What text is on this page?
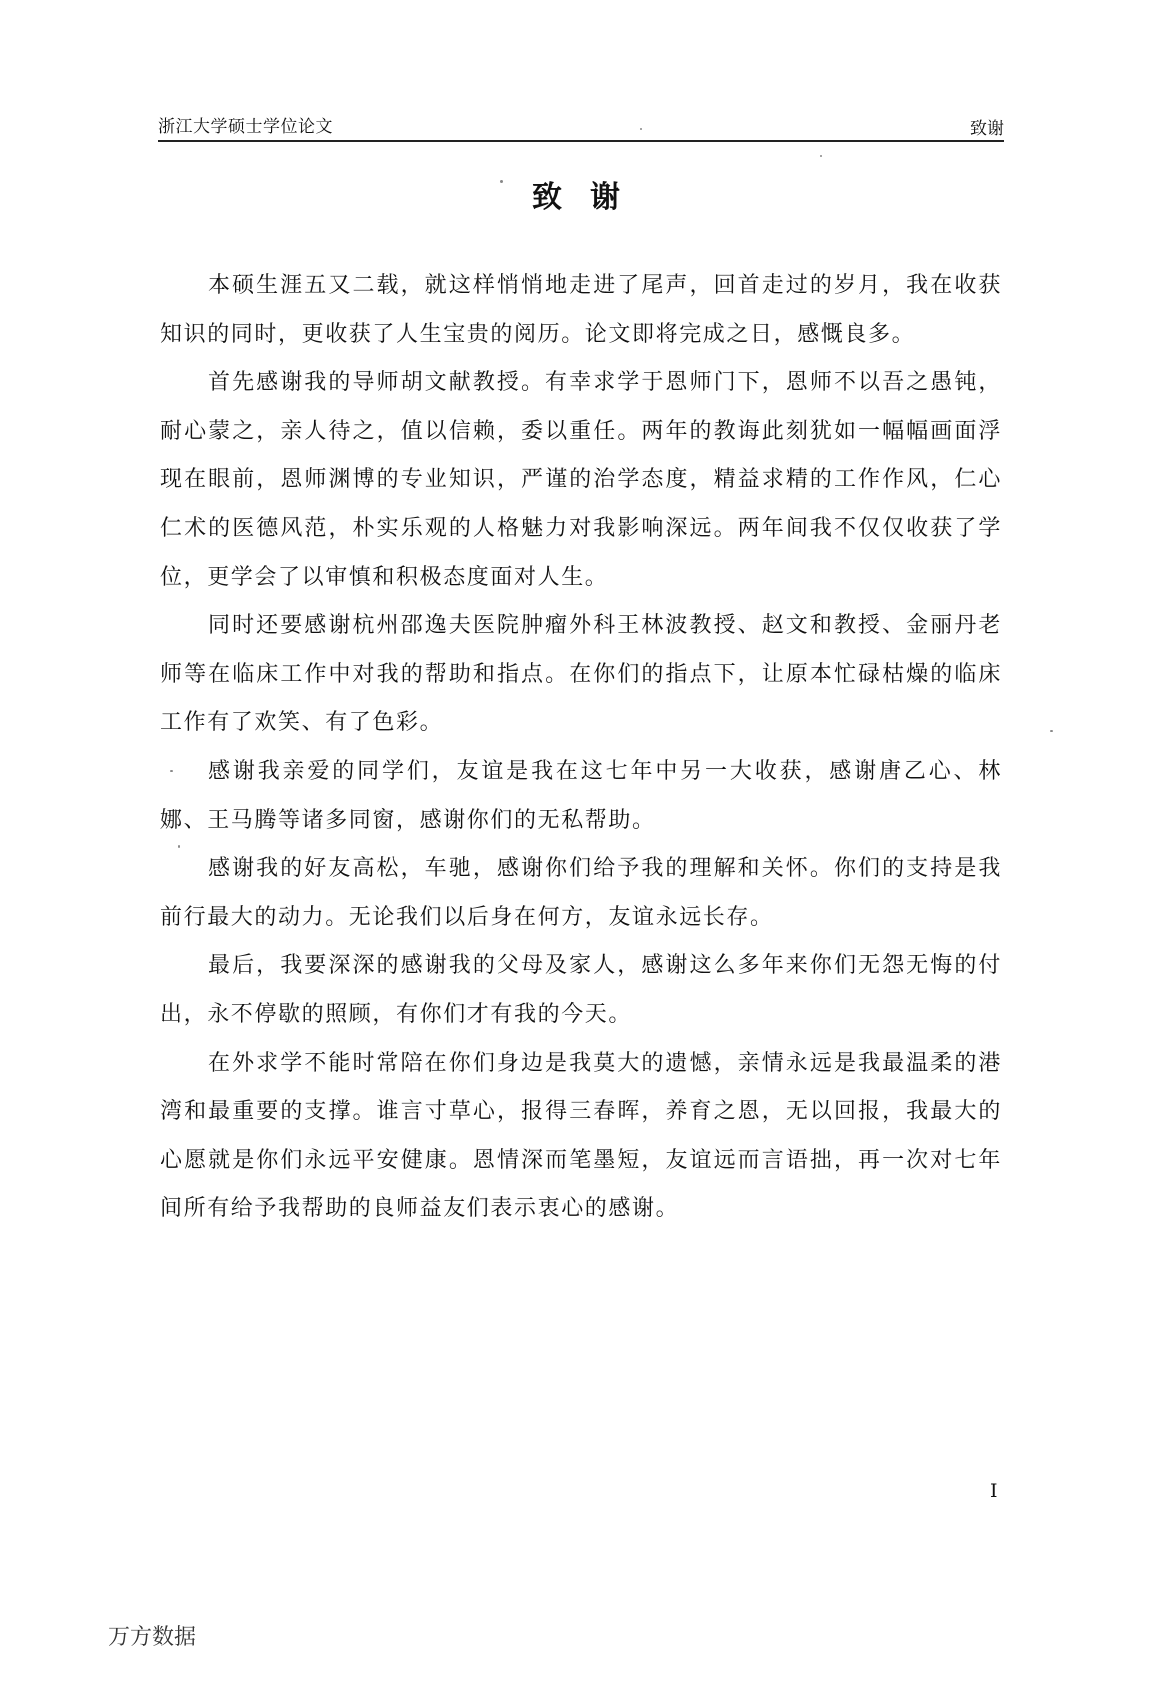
浙江大学硕士学位论文	致谢
致谢

本硕生涯五又二载，就这样悄悄地走进了尾声，回首走过的岁月，我在收获知识的同时，更收获了人生宝贵的阅历。论文即将完成之日，感慨良多。

首先感谢我的导师胡文献教授。有幸求学于恩师门下，恩师不以吾之愚钝，耐心蒙之，亲人待之，值以信赖，委以重任。两年的教诲此刻犹如一幅幅画面浮现在眼前，恩师渊博的专业知识，严谨的治学态度，精益求精的工作作风，仁心仁术的医德风范，朴实乐观的人格魅力对我影响深远。两年间我不仅仅收获了学位，更学会了以审慎和积极态度面对人生。

同时还要感谢杭州邵逸夫医院肿瘤外科王林波教授、赵文和教授、金丽丹老师等在临床工作中对我的帮助和指点。在你们的指点下，让原本忙碌枯燥的临床工作有了欢笑、有了色彩。

感谢我亲爱的同学们，友谊是我在这七年中另一大收获，感谢唐乙心、林娜、王马腾等诸多同窗，感谢你们的无私帮助。

感谢我的好友高松，车驰，感谢你们给予我的理解和关怀。你们的支持是我前行最大的动力。无论我们以后身在何方，友谊永远长存。

最后，我要深深的感谢我的父母及家人，感谢这么多年来你们无怨无悔的付出，永不停歇的照顾，有你们才有我的今天。

在外求学不能时常陪在你们身边是我莫大的遗憾，亲情永远是我最温柔的港湾和最重要的支撑。谁言寸草心，报得三春晖，养育之恩，无以回报，我最大的心愿就是你们永远平安健康。恩情深而笔墨短，友谊远而言语拙，再一次对七年间所有给予我帮助的良师益友们表示衷心的感谢。

I
万方数据
